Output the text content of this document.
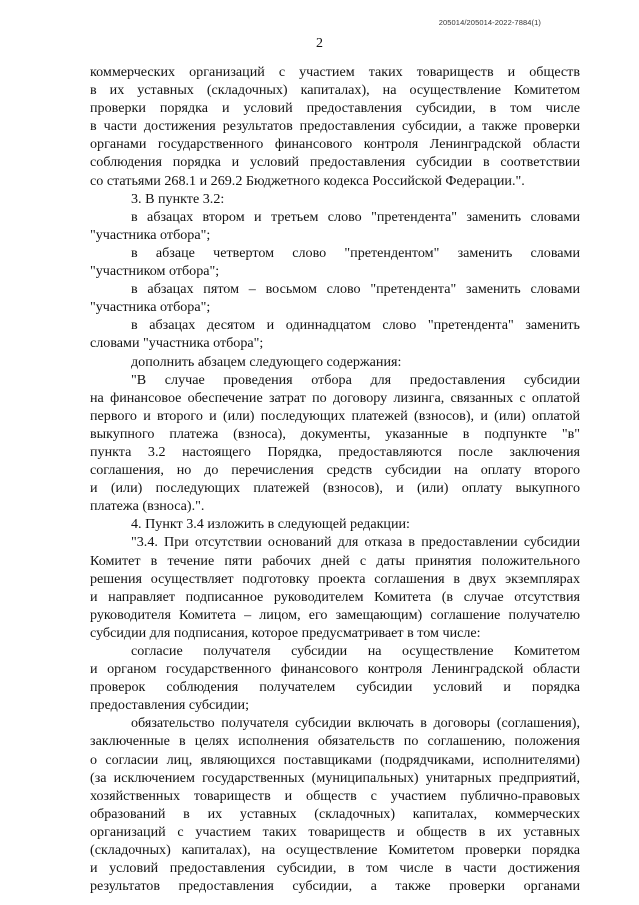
205014/205014-2022-7884(1)
2
коммерческих организаций с участием таких товариществ и обществ
в их уставных (складочных) капиталах), на осуществление Комитетом
проверки порядка и условий предоставления субсидии, в том числе
в части достижения результатов предоставления субсидии, а также проверки
органами государственного финансового контроля Ленинградской области
соблюдения порядка и условий предоставления субсидии в соответствии
со статьями 268.1 и 269.2 Бюджетного кодекса Российской Федерации.".
3. В пункте 3.2:
в абзацах втором и третьем слово "претендента" заменить словами
"участника отбора";
в абзаце четвертом слово "претендентом" заменить словами
"участником отбора";
в абзацах пятом – восьмом слово "претендента" заменить словами
"участника отбора";
в абзацах десятом и одиннадцатом слово "претендента" заменить
словами "участника отбора";
дополнить абзацем следующего содержания:
"В случае проведения отбора для предоставления субсидии
на финансовое обеспечение затрат по договору лизинга, связанных с оплатой
первого и второго и (или) последующих платежей (взносов), и (или) оплатой
выкупного платежа (взноса), документы, указанные в подпункте "в"
пункта 3.2 настоящего Порядка, предоставляются после заключения
соглашения, но до перечисления средств субсидии на оплату второго
и (или) последующих платежей (взносов), и (или) оплату выкупного
платежа (взноса).".
4. Пункт 3.4 изложить в следующей редакции:
"3.4. При отсутствии оснований для отказа в предоставлении субсидии
Комитет в течение пяти рабочих дней с даты принятия положительного
решения осуществляет подготовку проекта соглашения в двух экземплярах
и направляет подписанное руководителем Комитета (в случае отсутствия
руководителя Комитета – лицом, его замещающим) соглашение получателю
субсидии для подписания, которое предусматривает в том числе:
согласие получателя субсидии на осуществление Комитетом
и органом государственного финансового контроля Ленинградской области
проверок соблюдения получателем субсидии условий и порядка
предоставления субсидии;
обязательство получателя субсидии включать в договоры (соглашения),
заключенные в целях исполнения обязательств по соглашению, положения
о согласии лиц, являющихся поставщиками (подрядчиками, исполнителями)
(за исключением государственных (муниципальных) унитарных предприятий,
хозяйственных товариществ и обществ с участием публично-правовых
образований в их уставных (складочных) капиталах, коммерческих
организаций с участием таких товариществ и обществ в их уставных
(складочных) капиталах), на осуществление Комитетом проверки порядка
и условий предоставления субсидии, в том числе в части достижения
результатов предоставления субсидии, а также проверки органами
